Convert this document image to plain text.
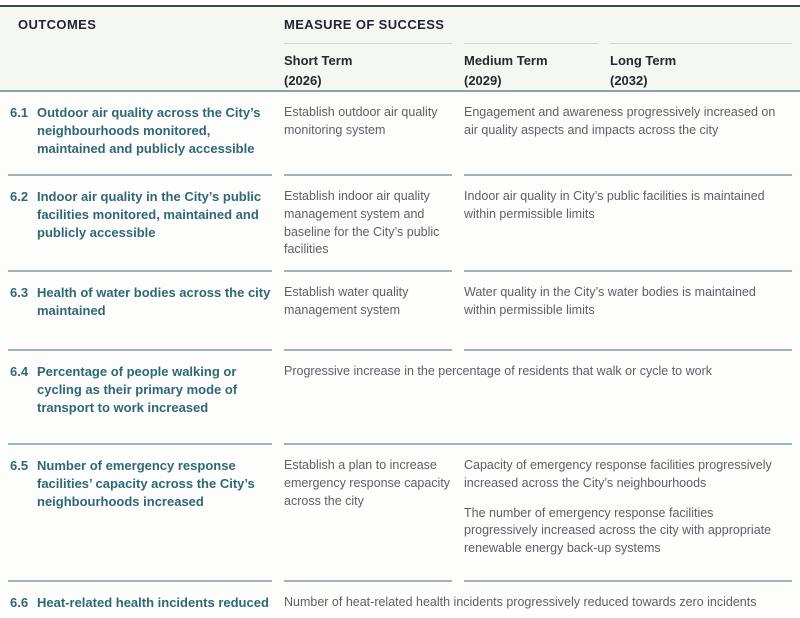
OUTCOMES	MEASURE OF SUCCESS
Short Term
(2026)
Medium Term
(2029)
Long Term
(2032)
6.1 Outdoor air quality across the City’s neighbourhoods monitored, maintained and publicly accessible
Establish outdoor air quality monitoring system
Engagement and awareness progressively increased on air quality aspects and impacts across the city
6.2 Indoor air quality in the City’s public facilities monitored, maintained and publicly accessible
Establish indoor air quality management system and baseline for the City’s public facilities
Indoor air quality in City’s public facilities is maintained within permissible limits
6.3 Health of water bodies across the city maintained
Establish water quality management system
Water quality in the City’s water bodies is maintained within permissible limits
6.4 Percentage of people walking or cycling as their primary mode of transport to work increased
Progressive increase in the percentage of residents that walk or cycle to work
6.5 Number of emergency response facilities’ capacity across the City’s neighbourhoods increased
Establish a plan to increase emergency response capacity across the city
Capacity of emergency response facilities progressively increased across the City’s neighbourhoods
The number of emergency response facilities progressively increased across the city with appropriate renewable energy back-up systems
6.6 Heat-related health incidents reduced Number of heat-related health incidents progressively reduced towards zero incidents
